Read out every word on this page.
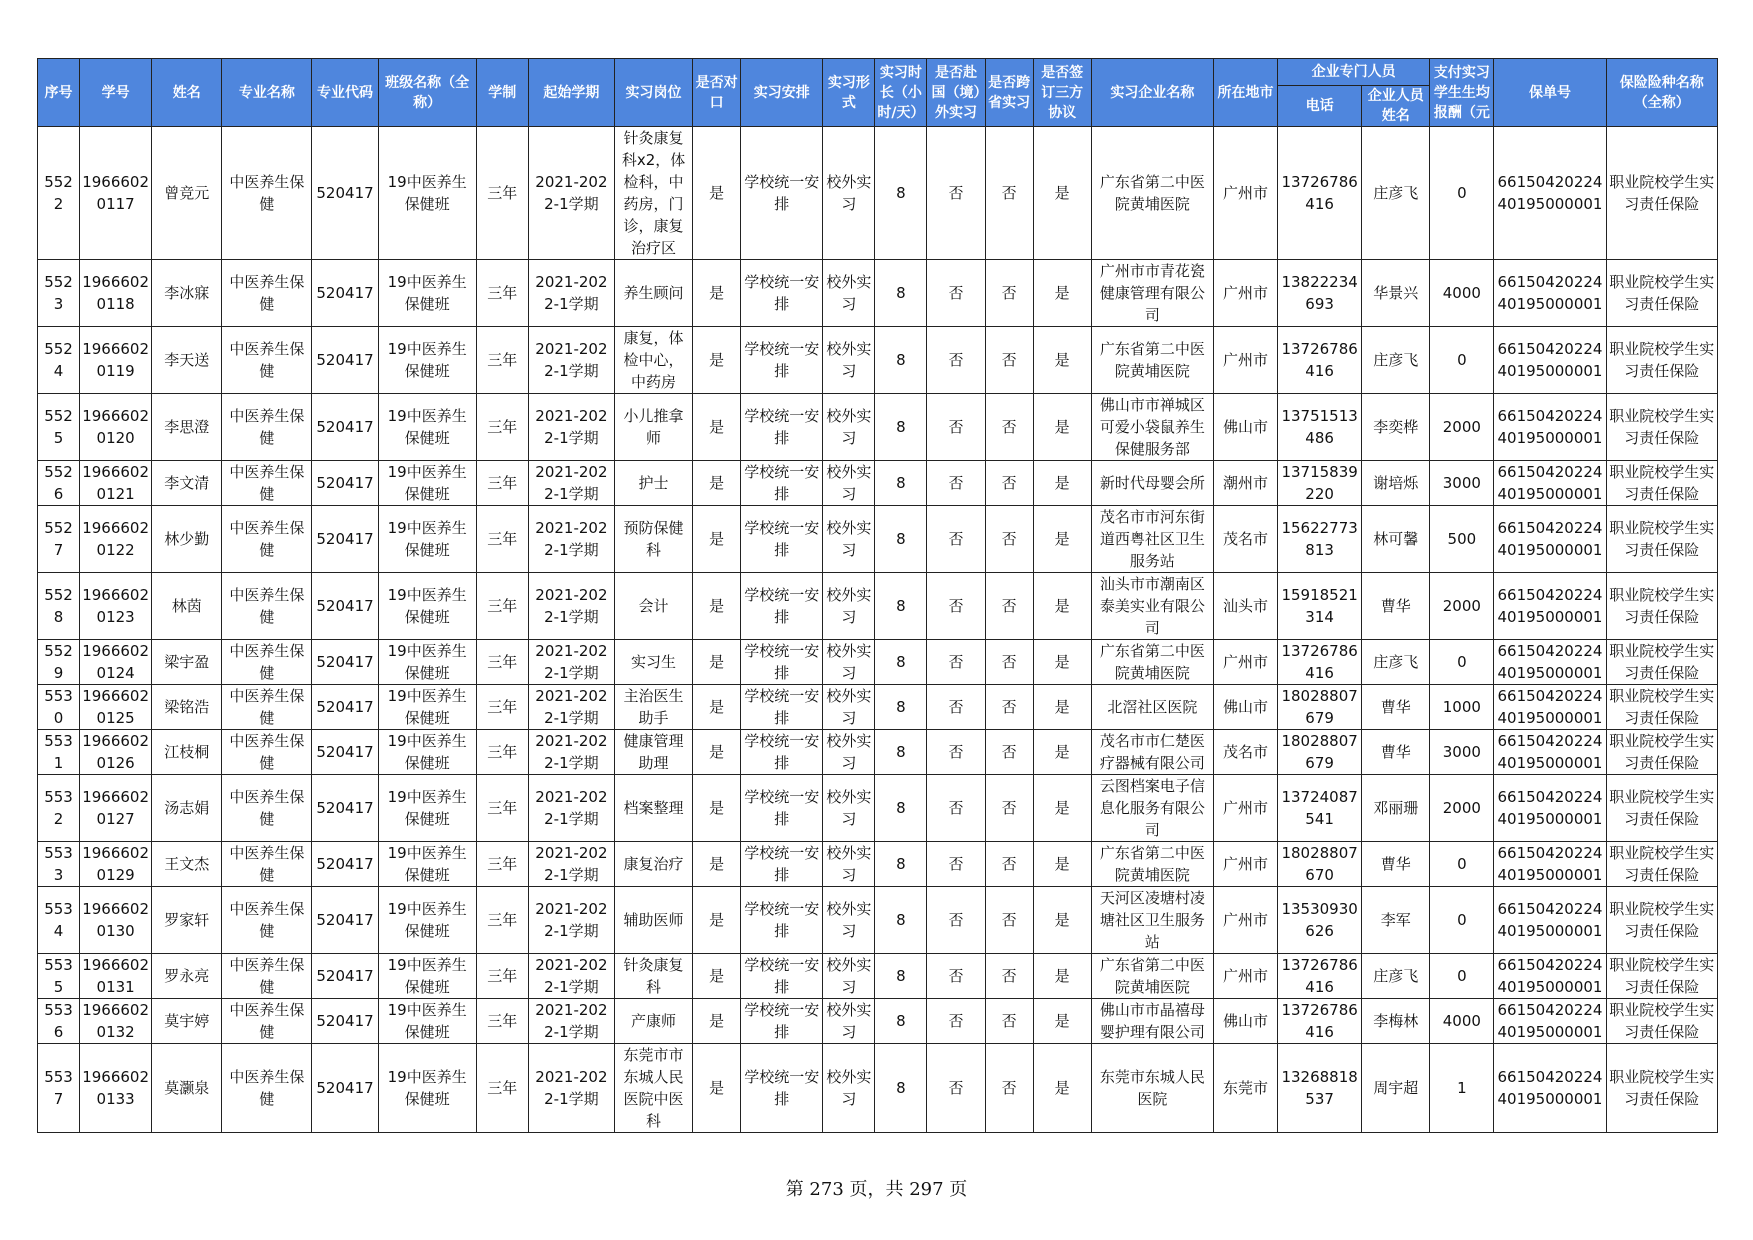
序号	学号	姓名	专业名称	专业代码	班级名称（全称）	学制	起始学期	实习岗位	是否对口	实习安排	实习形式	实习时长（小时/天）	是否赴国（境）外实习	是否跨省实习	是否签订三方协议	实习企业名称	所在地市	企业专门人员		支付实习学生生均报酬（元	保单号	保险险种名称（全称）
																		电话	企业人员姓名			
5522	19666020117	曾竞元	中医养生保健	520417	19中医养生保健班	三年	2021-2022-1学期	针灸康复科x2，体检科，中药房，门诊，康复治疗区	是	学校统一安排	校外实习	8	否	否	是	广东省第二中医院黄埔医院	广州市	13726786416	庄彦飞	0	6615042022440195000001	职业院校学生实习责任保险
5523	19666020118	李冰寐	中医养生保健	520417	19中医养生保健班	三年	2021-2022-1学期	养生顾问	是	学校统一安排	校外实习	8	否	否	是	广州市市青花瓷健康管理有限公司	广州市	13822234693	华景兴	4000	6615042022440195000001	职业院校学生实习责任保险
5524	19666020119	李天送	中医养生保健	520417	19中医养生保健班	三年	2021-2022-1学期	康复，体检中心，中药房	是	学校统一安排	校外实习	8	否	否	是	广东省第二中医院黄埔医院	广州市	13726786416	庄彦飞	0	6615042022440195000001	职业院校学生实习责任保险
5525	19666020120	李思澄	中医养生保健	520417	19中医养生保健班	三年	2021-2022-1学期	小儿推拿师	是	学校统一安排	校外实习	8	否	否	是	佛山市市禅城区可爱小袋鼠养生保健服务部	佛山市	13751513486	李奕桦	2000	6615042022440195000001	职业院校学生实习责任保险
5526	19666020121	李文清	中医养生保健	520417	19中医养生保健班	三年	2021-2022-1学期	护士	是	学校统一安排	校外实习	8	否	否	是	新时代母婴会所	潮州市	13715839220	谢培烁	3000	6615042022440195000001	职业院校学生实习责任保险
5527	19666020122	林少勤	中医养生保健	520417	19中医养生保健班	三年	2021-2022-1学期	预防保健科	是	学校统一安排	校外实习	8	否	否	是	茂名市市河东街道西粤社区卫生服务站	茂名市	15622773813	林可馨	500	6615042022440195000001	职业院校学生实习责任保险
5528	19666020123	林茵	中医养生保健	520417	19中医养生保健班	三年	2021-2022-1学期	会计	是	学校统一安排	校外实习	8	否	否	是	汕头市市潮南区泰美实业有限公司	汕头市	15918521314	曹华	2000	6615042022440195000001	职业院校学生实习责任保险
5529	19666020124	梁宇盈	中医养生保健	520417	19中医养生保健班	三年	2021-2022-1学期	实习生	是	学校统一安排	校外实习	8	否	否	是	广东省第二中医院黄埔医院	广州市	13726786416	庄彦飞	0	6615042022440195000001	职业院校学生实习责任保险
5530	19666020125	梁铭浩	中医养生保健	520417	19中医养生保健班	三年	2021-2022-1学期	主治医生助手	是	学校统一安排	校外实习	8	否	否	是	北滘社区医院	佛山市	18028807679	曹华	1000	6615042022440195000001	职业院校学生实习责任保险
5531	19666020126	江枝桐	中医养生保健	520417	19中医养生保健班	三年	2021-2022-1学期	健康管理助理	是	学校统一安排	校外实习	8	否	否	是	茂名市市仁楚医疗器械有限公司	茂名市	18028807679	曹华	3000	6615042022440195000001	职业院校学生实习责任保险
5532	19666020127	汤志娟	中医养生保健	520417	19中医养生保健班	三年	2021-2022-1学期	档案整理	是	学校统一安排	校外实习	8	否	否	是	云图档案电子信息化服务有限公司	广州市	13724087541	邓丽珊	2000	6615042022440195000001	职业院校学生实习责任保险
5533	19666020129	王文杰	中医养生保健	520417	19中医养生保健班	三年	2021-2022-1学期	康复治疗	是	学校统一安排	校外实习	8	否	否	是	广东省第二中医院黄埔医院	广州市	18028807670	曹华	0	6615042022440195000001	职业院校学生实习责任保险
5534	19666020130	罗家轩	中医养生保健	520417	19中医养生保健班	三年	2021-2022-1学期	辅助医师	是	学校统一安排	校外实习	8	否	否	是	天河区凌塘村凌塘社区卫生服务站	广州市	13530930626	李军	0	6615042022440195000001	职业院校学生实习责任保险
5535	19666020131	罗永亮	中医养生保健	520417	19中医养生保健班	三年	2021-2022-1学期	针灸康复科	是	学校统一安排	校外实习	8	否	否	是	广东省第二中医院黄埔医院	广州市	13726786416	庄彦飞	0	6615042022440195000001	职业院校学生实习责任保险
5536	19666020132	莫宇婷	中医养生保健	520417	19中医养生保健班	三年	2021-2022-1学期	产康师	是	学校统一安排	校外实习	8	否	否	是	佛山市市晶禧母婴护理有限公司	佛山市	13726786416	李梅林	4000	6615042022440195000001	职业院校学生实习责任保险
5537	19666020133	莫灏泉	中医养生保健	520417	19中医养生保健班	三年	2021-2022-1学期	东莞市市东城人民医院中医科	是	学校统一安排	校外实习	8	否	否	是	东莞市东城人民医院	东莞市	13268818537	周宇超	1	6615042022440195000001	职业院校学生实习责任保险
第 273 页，共 297 页
